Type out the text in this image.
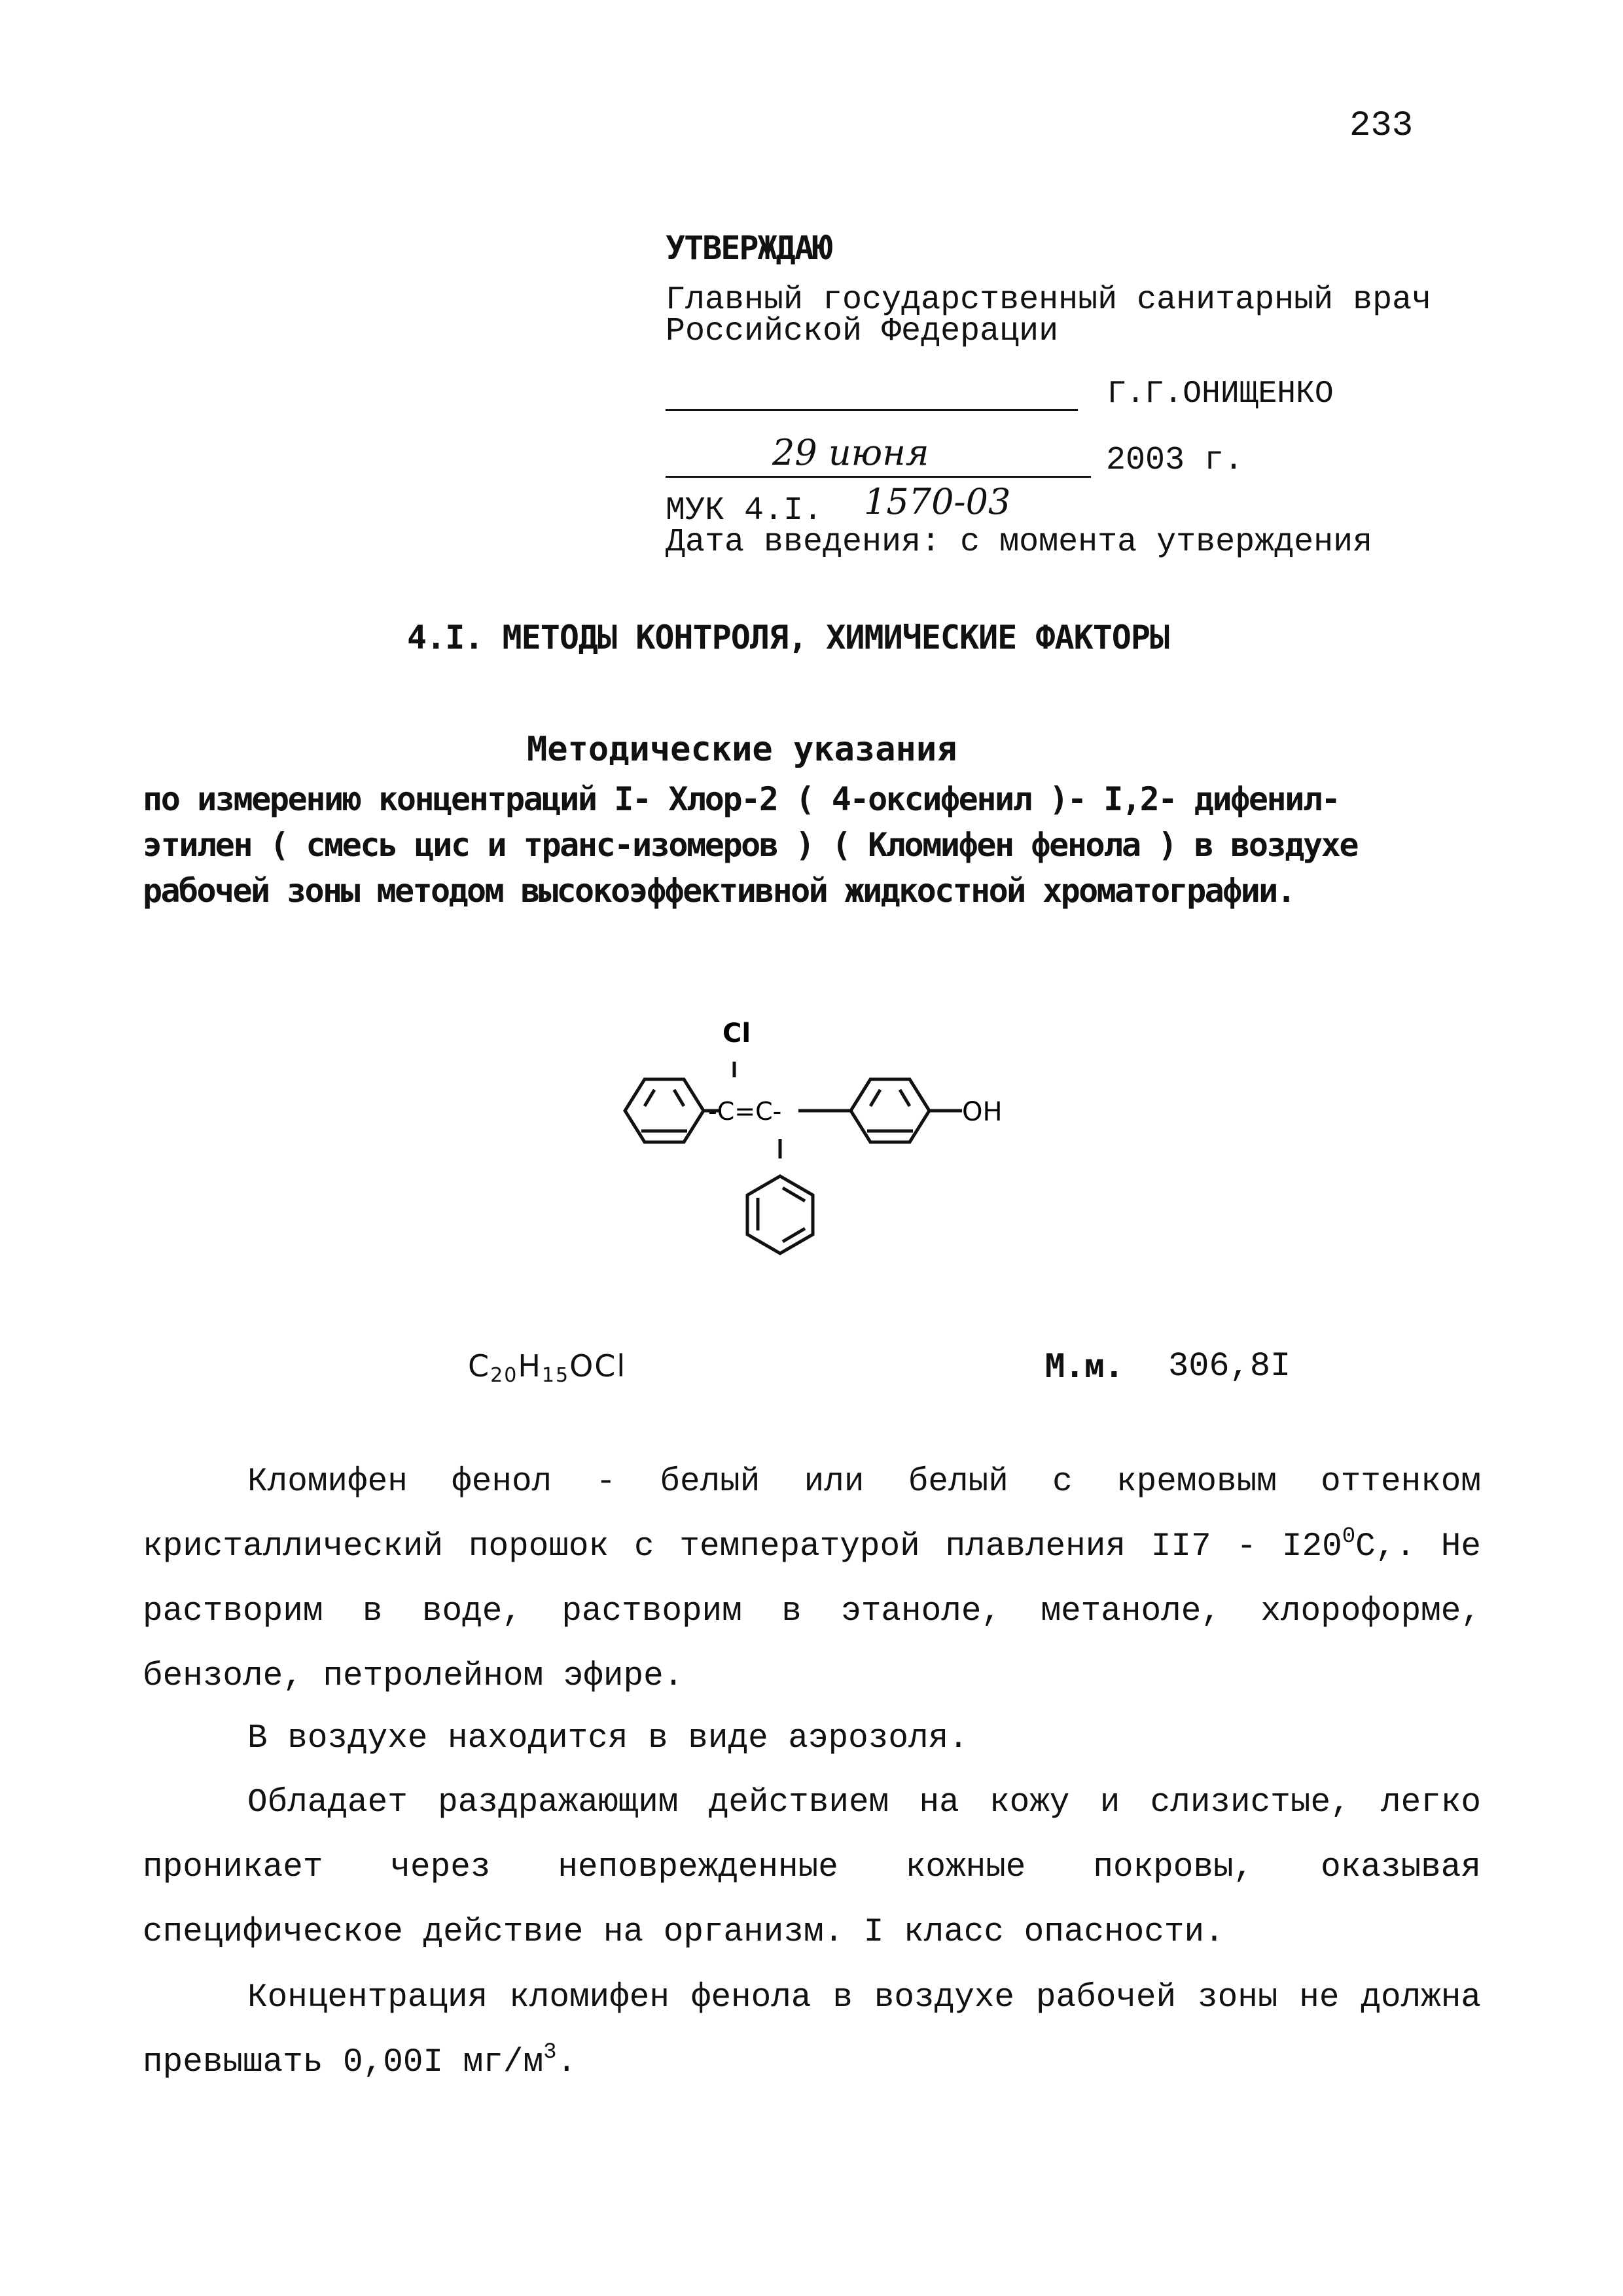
233
УТВЕРЖДАЮ
Главный государственный санитарный врач
Российской Федерации
Г.Г.ОНИЩЕНКО
29 июня	2003 г.
МУК 4.I. 1570-03
Дата введения: с момента утверждения
4.I. МЕТОДЫ КОНТРОЛЯ, ХИМИЧЕСКИЕ ФАКТОРЫ
Методические указания
по измерению концентраций I- Хлор-2 ( 4-оксифенил )- I,2- дифенил-
этилен ( смесь цис и транс-изомеров ) ( Кломифен фенола ) в воздухе
рабочей зоны методом высокоэффективной жидкостной хроматографии.
Cl
-C=C-	OH
$C_{20}H_{15}OCl$	М.м. 306,8I
Кломифен фенол - белый или белый с кремовым оттенком кристаллический порошок с температурой плавления $II7 - I20^0C$,. Не растворим в воде, растворим в этаноле, метаноле, хлороформе, бензоле, петролейном эфире.
В воздухе находится в виде аэрозоля.
Обладает раздражающим действием на кожу и слизистые, легко проникает через неповрежденные кожные покровы, оказывая специфическое действие на организм. I класс опасности.
Концентрация кломифен фенола в воздухе рабочей зоны не должна превышать 0,00I $мг/м^3$.
